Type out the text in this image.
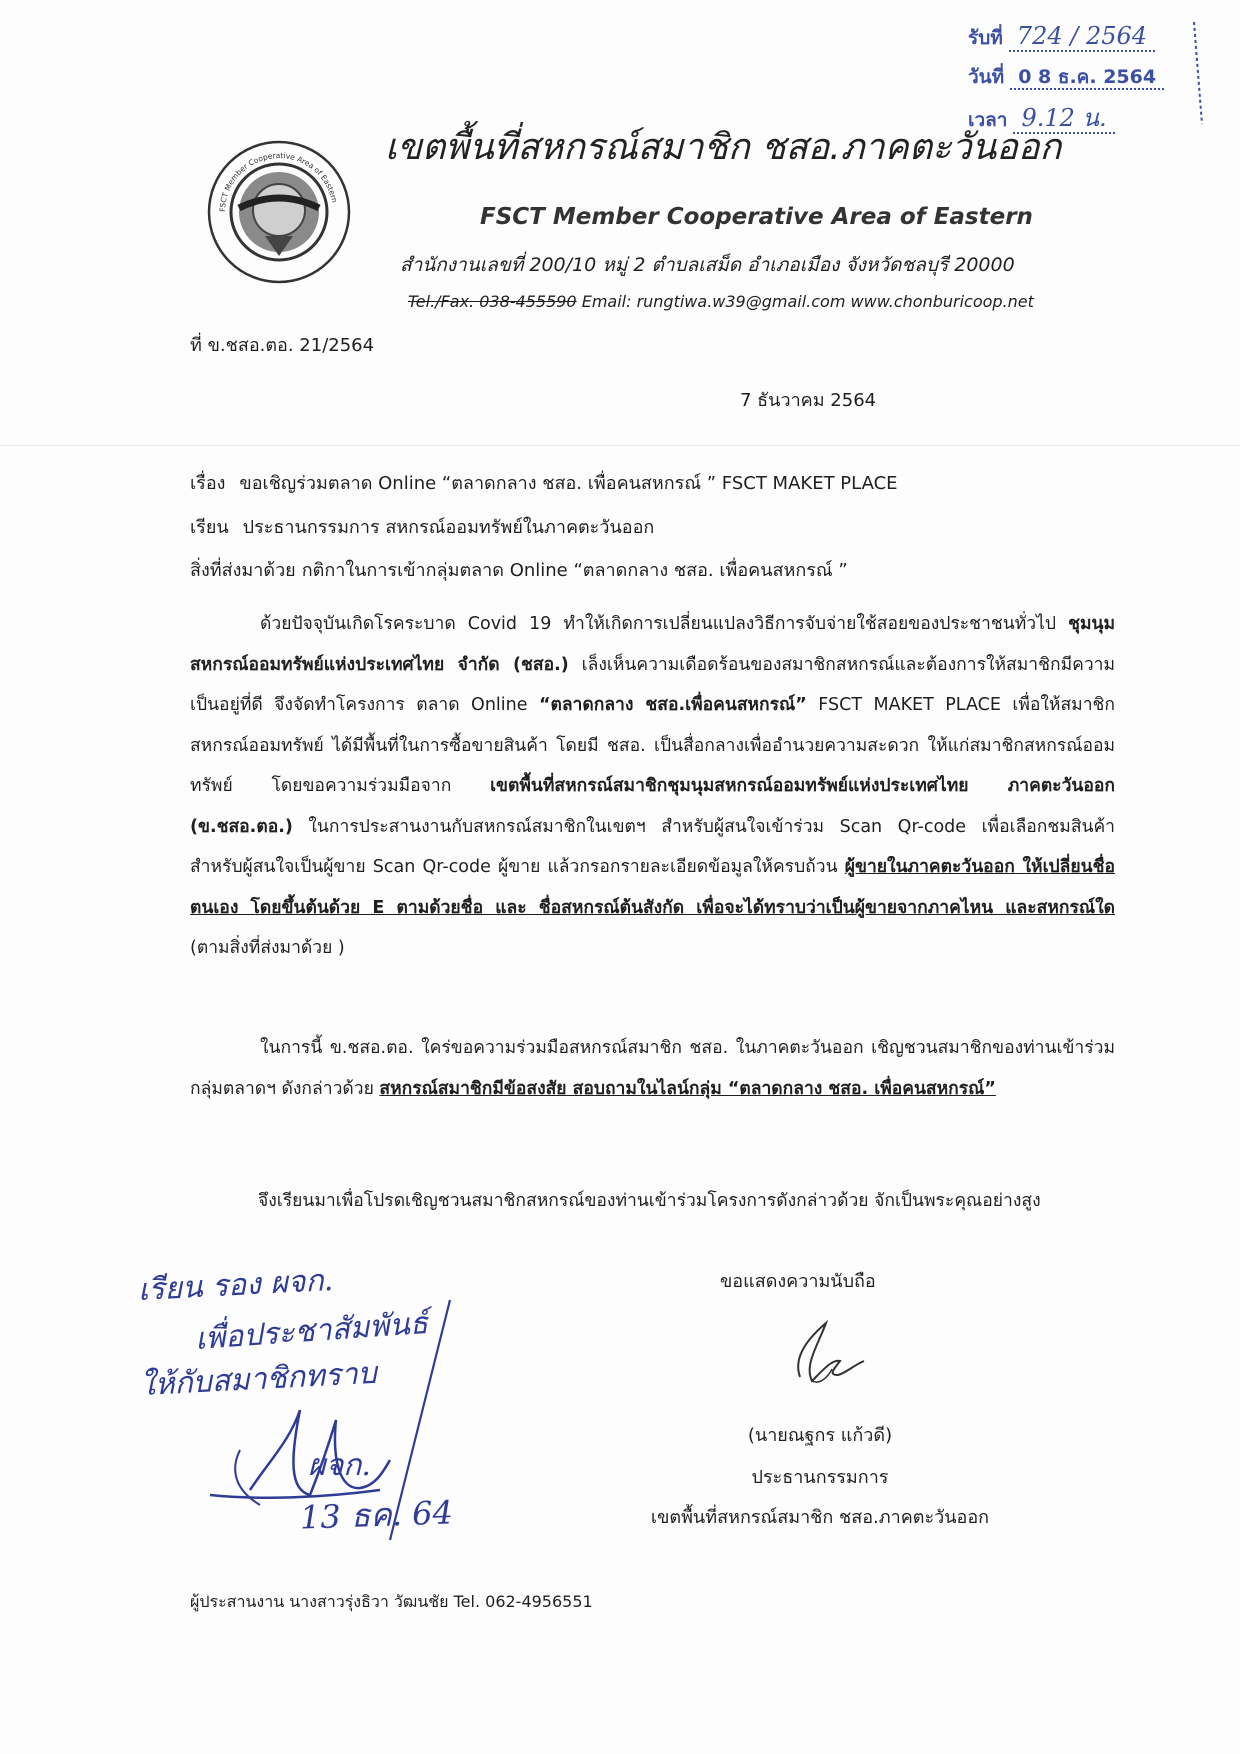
รับที่ 724 / 2564
วันที่ 0 8 ธ.ค. 2564
เวลา 9.12 น.
FSCT Member Cooperative Area of Eastern
เขตพื้นที่สหกรณ์สมาชิก ชสอ.ภาคตะวันออก
FSCT Member Cooperative Area of Eastern
สำนักงานเลขที่ 200/10 หมู่ 2 ตำบลเสม็ด อำเภอเมือง จังหวัดชลบุรี 20000
Tel./Fax. 038-455590 Email: rungtiwa.w39@gmail.com www.chonburicoop.net
ที่ ข.ชสอ.ตอ. 21/2564
7 ธันวาคม 2564
เรื่อง ขอเชิญร่วมตลาด Online “ตลาดกลาง ชสอ. เพื่อคนสหกรณ์ ” FSCT MAKET PLACE
เรียน ประธานกรรมการ สหกรณ์ออมทรัพย์ในภาคตะวันออก
สิ่งที่ส่งมาด้วย กติกาในการเข้ากลุ่มตลาด Online “ตลาดกลาง ชสอ. เพื่อคนสหกรณ์ ”
ด้วยปัจจุบันเกิดโรคระบาด Covid 19 ทำให้เกิดการเปลี่ยนแปลงวิธีการจับจ่ายใช้สอยของประชาชนทั่วไป ชุมนุมสหกรณ์ออมทรัพย์แห่งประเทศไทย จำกัด (ชสอ.) เล็งเห็นความเดือดร้อนของสมาชิกสหกรณ์และต้องการให้สมาชิกมีความเป็นอยู่ที่ดี จึงจัดทำโครงการ ตลาด Online “ตลาดกลาง ชสอ.เพื่อคนสหกรณ์” FSCT MAKET PLACE เพื่อให้สมาชิกสหกรณ์ออมทรัพย์ ได้มีพื้นที่ในการซื้อขายสินค้า โดยมี ชสอ. เป็นสื่อกลางเพื่ออำนวยความสะดวก ให้แก่สมาชิกสหกรณ์ออมทรัพย์ โดยขอความร่วมมือจาก เขตพื้นที่สหกรณ์สมาชิกชุมนุมสหกรณ์ออมทรัพย์แห่งประเทศไทย ภาคตะวันออก (ข.ชสอ.ตอ.) ในการประสานงานกับสหกรณ์สมาชิกในเขตฯ สำหรับผู้สนใจเข้าร่วม Scan Qr-code เพื่อเลือกชมสินค้า สำหรับผู้สนใจเป็นผู้ขาย Scan Qr-code ผู้ขาย แล้วกรอกรายละเอียดข้อมูลให้ครบถ้วน ผู้ขายในภาคตะวันออก ให้เปลี่ยนชื่อตนเอง โดยขึ้นต้นด้วย E ตามด้วยชื่อ และ ชื่อสหกรณ์ต้นสังกัด เพื่อจะได้ทราบว่าเป็นผู้ขายจากภาคไหน และสหกรณ์ใด (ตามสิ่งที่ส่งมาด้วย )
ในการนี้ ข.ชสอ.ตอ. ใคร่ขอความร่วมมือสหกรณ์สมาชิก ชสอ. ในภาคตะวันออก เชิญชวนสมาชิกของท่านเข้าร่วมกลุ่มตลาดฯ ดังกล่าวด้วย สหกรณ์สมาชิกมีข้อสงสัย สอบถามในไลน์กลุ่ม “ตลาดกลาง ชสอ. เพื่อคนสหกรณ์”
จึงเรียนมาเพื่อโปรดเชิญชวนสมาชิกสหกรณ์ของท่านเข้าร่วมโครงการดังกล่าวด้วย จักเป็นพระคุณอย่างสูง
ขอแสดงความนับถือ
(นายณฐกร แก้วดี)
ประธานกรรมการ
เขตพื้นที่สหกรณ์สมาชิก ชสอ.ภาคตะวันออก
เรียน รอง ผจก.
เพื่อประชาสัมพันธ์
ให้กับสมาชิกทราบ
ผจก.
13 ธค. 64
ผู้ประสานงาน นางสาวรุ่งธิวา วัฒนชัย Tel. 062-4956551
